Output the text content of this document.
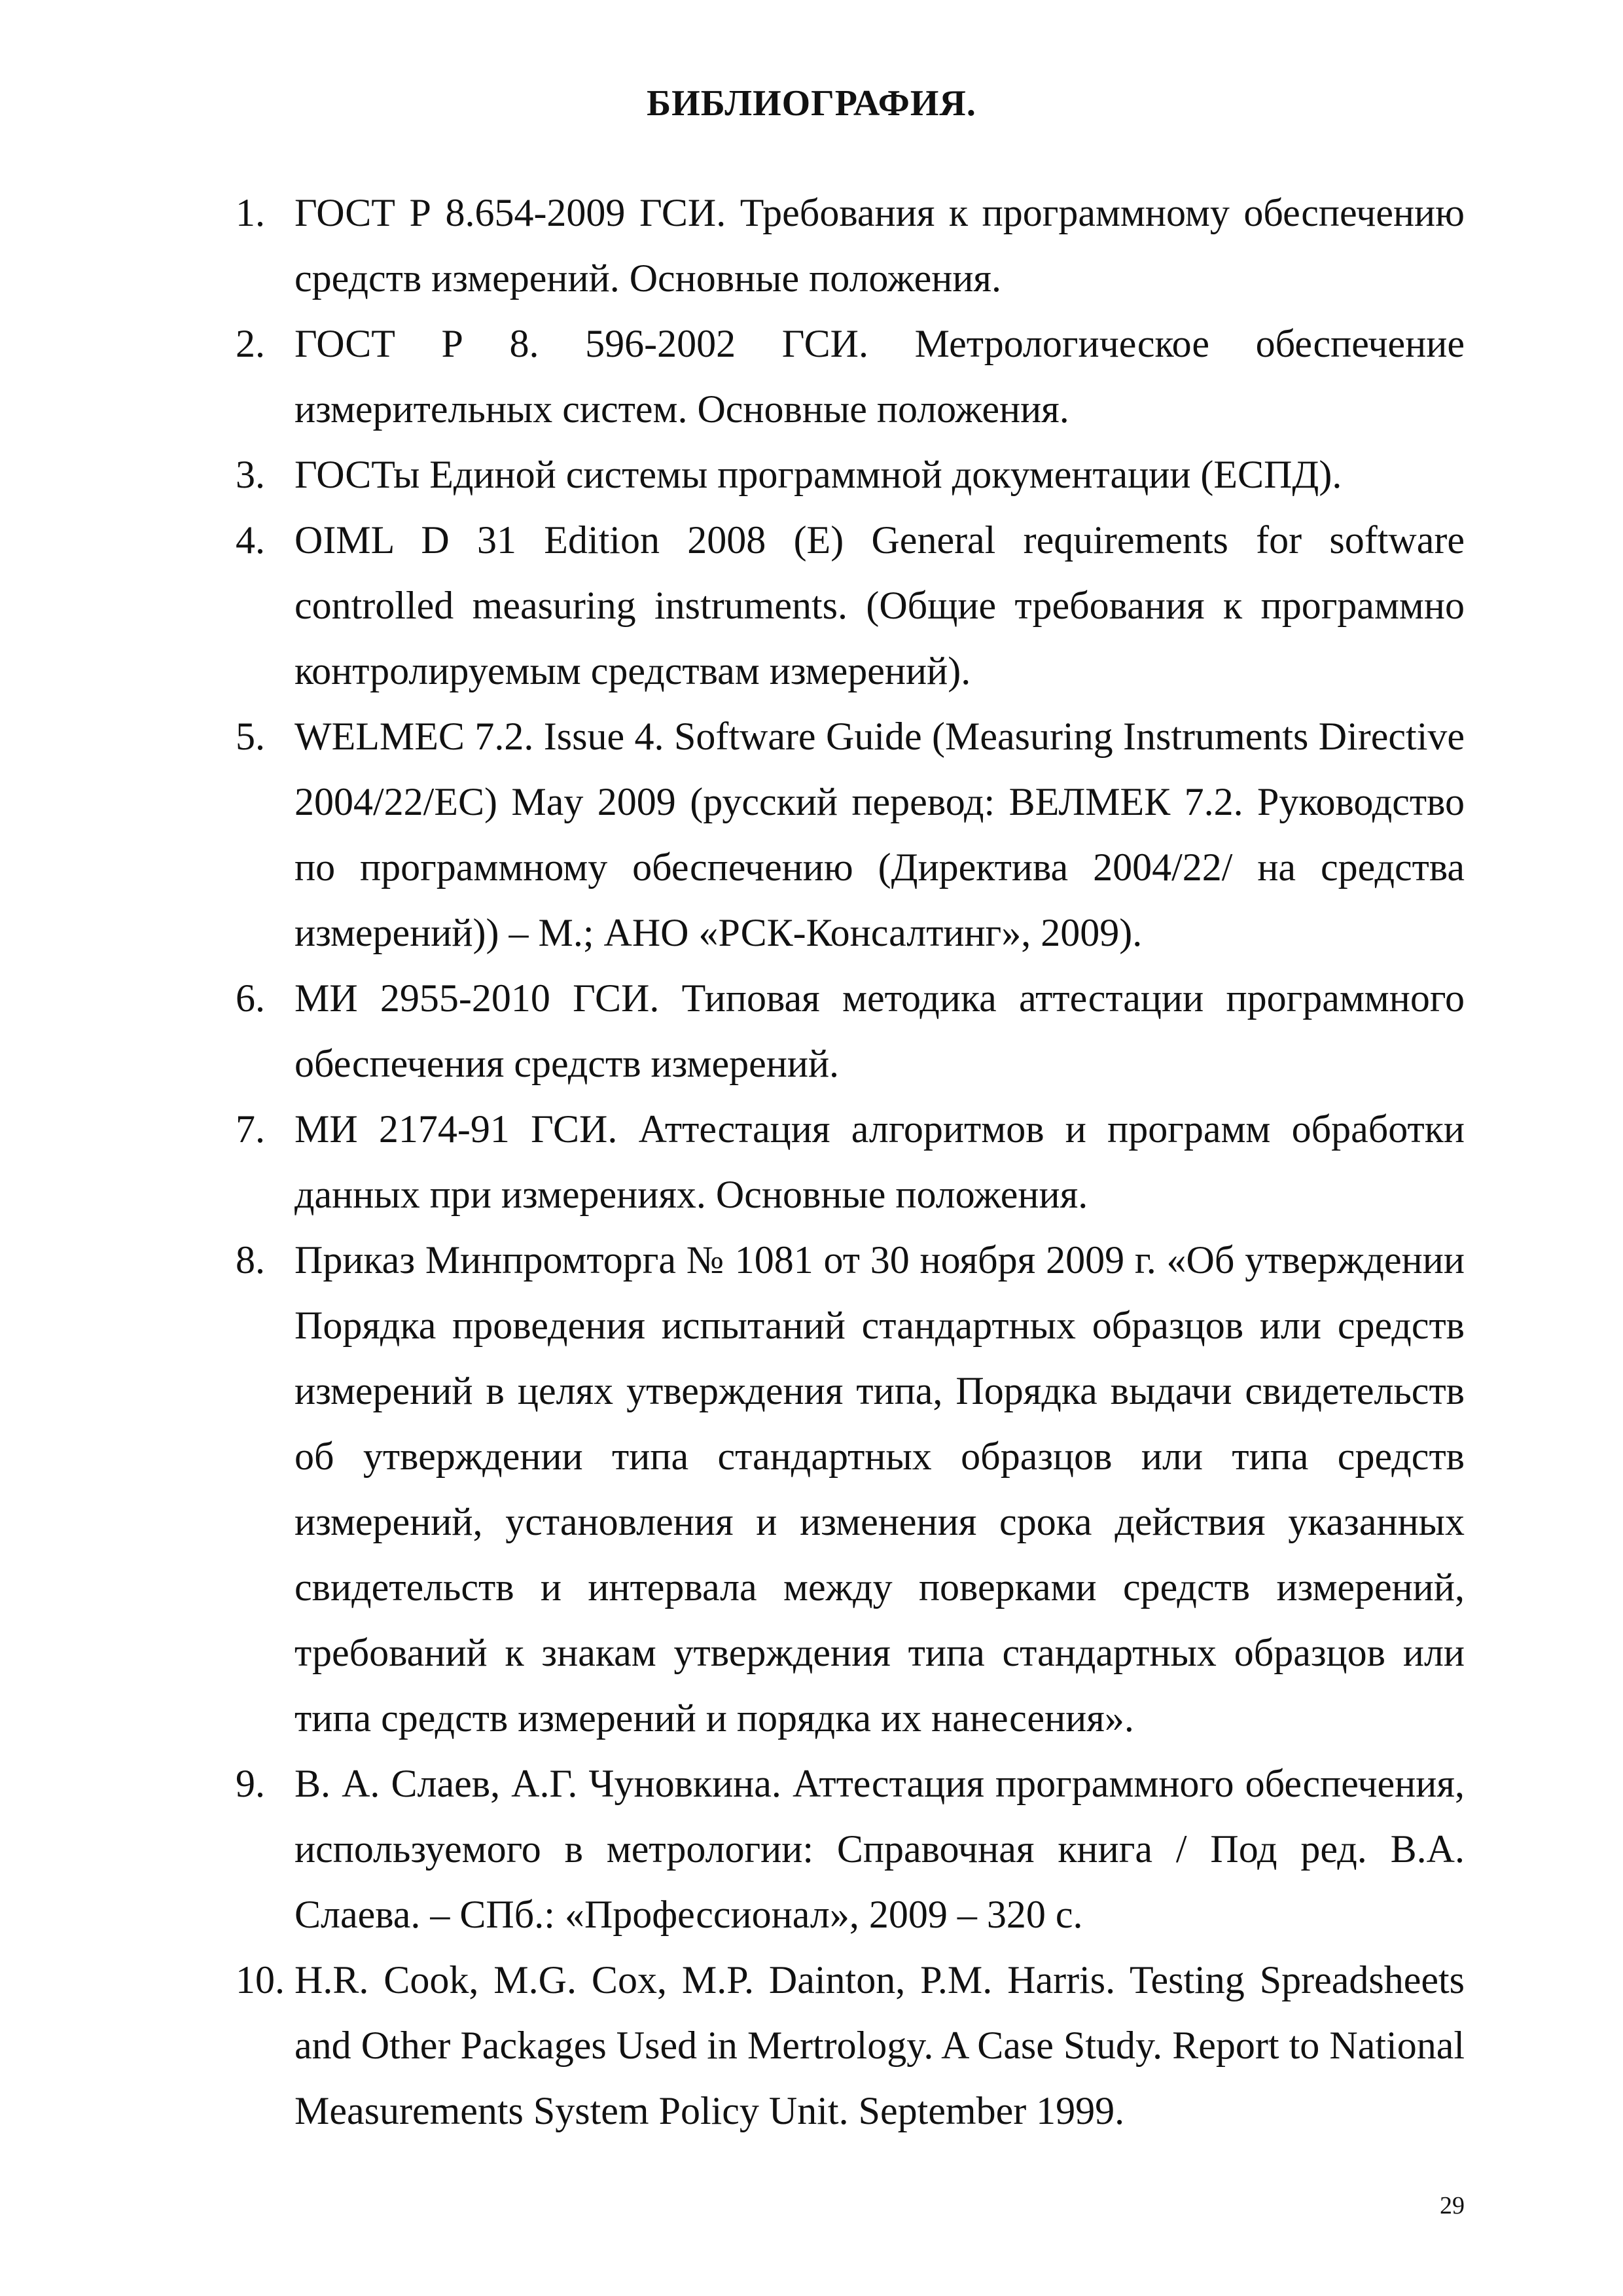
БИБЛИОГРАФИЯ.
1. ГОСТ Р 8.654-2009 ГСИ. Требования к программному обеспечению средств измерений. Основные положения.
2. ГОСТ Р 8. 596-2002 ГСИ. Метрологическое обеспечение измерительных систем. Основные положения.
3. ГОСТы Единой системы программной документации (ЕСПД).
4. OIML D 31 Edition 2008 (E) General requirements for software controlled measuring instruments. (Общие требования к программно контролируемым средствам измерений).
5. WELMEC 7.2. Issue 4. Software Guide (Measuring Instruments Directive 2004/22/EC) May 2009 (русский перевод: ВЕЛМЕК 7.2. Руководство по программному обеспечению (Директива 2004/22/ на средства измерений)) – М.; АНО «РСК-Консалтинг», 2009).
6. МИ 2955-2010 ГСИ. Типовая методика аттестации программного обеспечения средств измерений.
7. МИ 2174-91 ГСИ. Аттестация алгоритмов и программ обработки данных при измерениях. Основные положения.
8. Приказ Минпромторга № 1081 от 30 ноября 2009 г. «Об утверждении Порядка проведения испытаний стандартных образцов или средств измерений в целях утверждения типа, Порядка выдачи свидетельств об утверждении типа стандартных образцов или типа средств измерений, установления и изменения срока действия указанных свидетельств и интервала между поверками средств измерений, требований к знакам утверждения типа стандартных образцов или типа средств измерений и порядка их нанесения».
9. В. А. Слаев, А.Г. Чуновкина. Аттестация программного обеспечения, используемого в метрологии: Справочная книга / Под ред. В.А. Слаева. – СПб.: «Профессионал», 2009 – 320 с.
10. H.R. Cook, M.G. Cox, M.P. Dainton, P.M. Harris. Testing Spreadsheets and Other Packages Used in Mertrology. A Case Study. Report to National Measurements System Policy Unit. September 1999.
29
